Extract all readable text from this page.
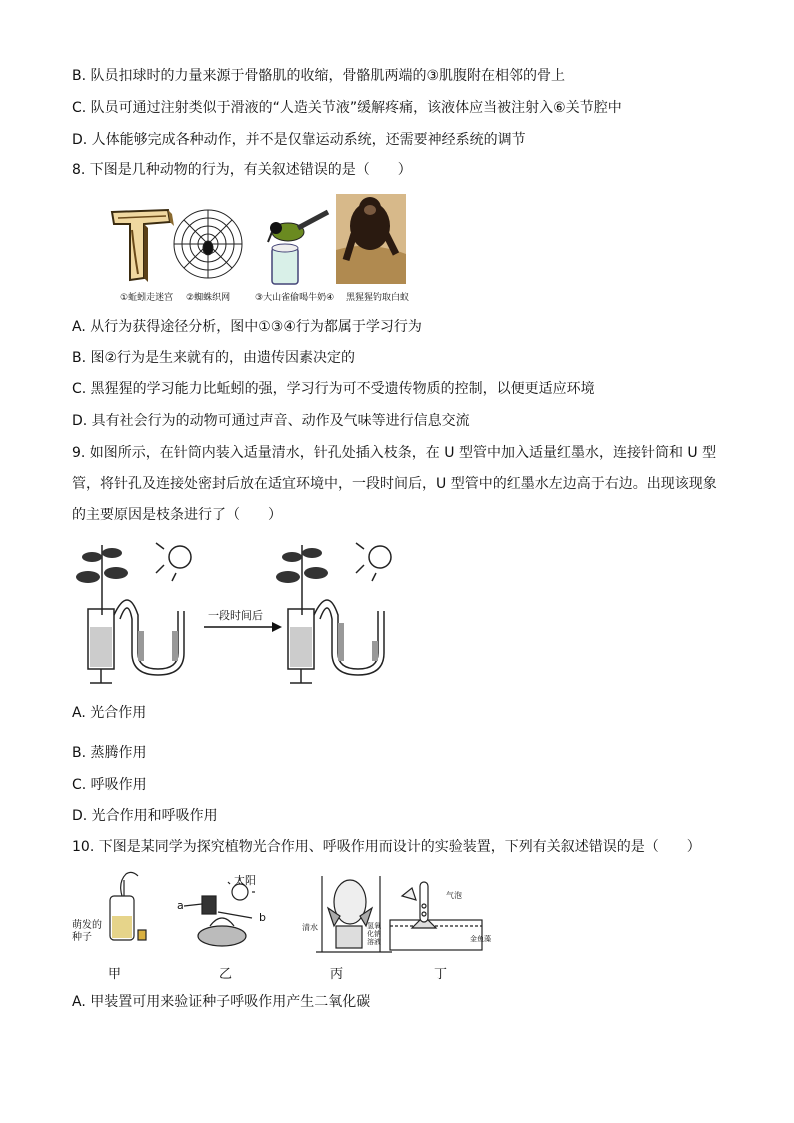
B. 队员扣球时的力量来源于骨骼肌的收缩，骨骼肌两端的③肌腹附在相邻的骨上
C. 队员可通过注射类似于滑液的“人造关节液”缓解疼痛，该液体应当被注射入⑥关节腔中
D. 人体能够完成各种动作，并不是仅靠运动系统，还需要神经系统的调节
8. 下图是几种动物的行为，有关叙述错误的是（　　）
①蚯蚓走迷宫 ②蜘蛛织网	③大山雀偷喝牛奶④ 黑猩猩钓取白蚁
A. 从行为获得途径分析，图中①③④行为都属于学习行为
B. 图②行为是生来就有的，由遗传因素决定的
C. 黑猩猩的学习能力比蚯蚓的强，学习行为可不受遗传物质的控制，以便更适应环境
D. 具有社会行为的动物可通过声音、动作及气味等进行信息交流
9. 如图所示，在针筒内装入适量清水，针孔处插入枝条，在 U 型管中加入适量红墨水，连接针筒和 U 型管，将针孔及连接处密封后放在适宜环境中，一段时间后，U 型管中的红墨水左边高于右边。出现该现象的主要原因是枝条进行了（　　）
一段时间后
A. 光合作用
B. 蒸腾作用
C. 呼吸作用
D. 光合作用和呼吸作用
10. 下图是某同学为探究植物光合作用、呼吸作用而设计的实验装置，下列有关叙述错误的是（　　）
萌发的种子
太阳
a
b
清水	氢氧化钠溶液
气泡
金鱼藻
甲	乙	丙	丁
A. 甲装置可用来验证种子呼吸作用产生二氧化碳
